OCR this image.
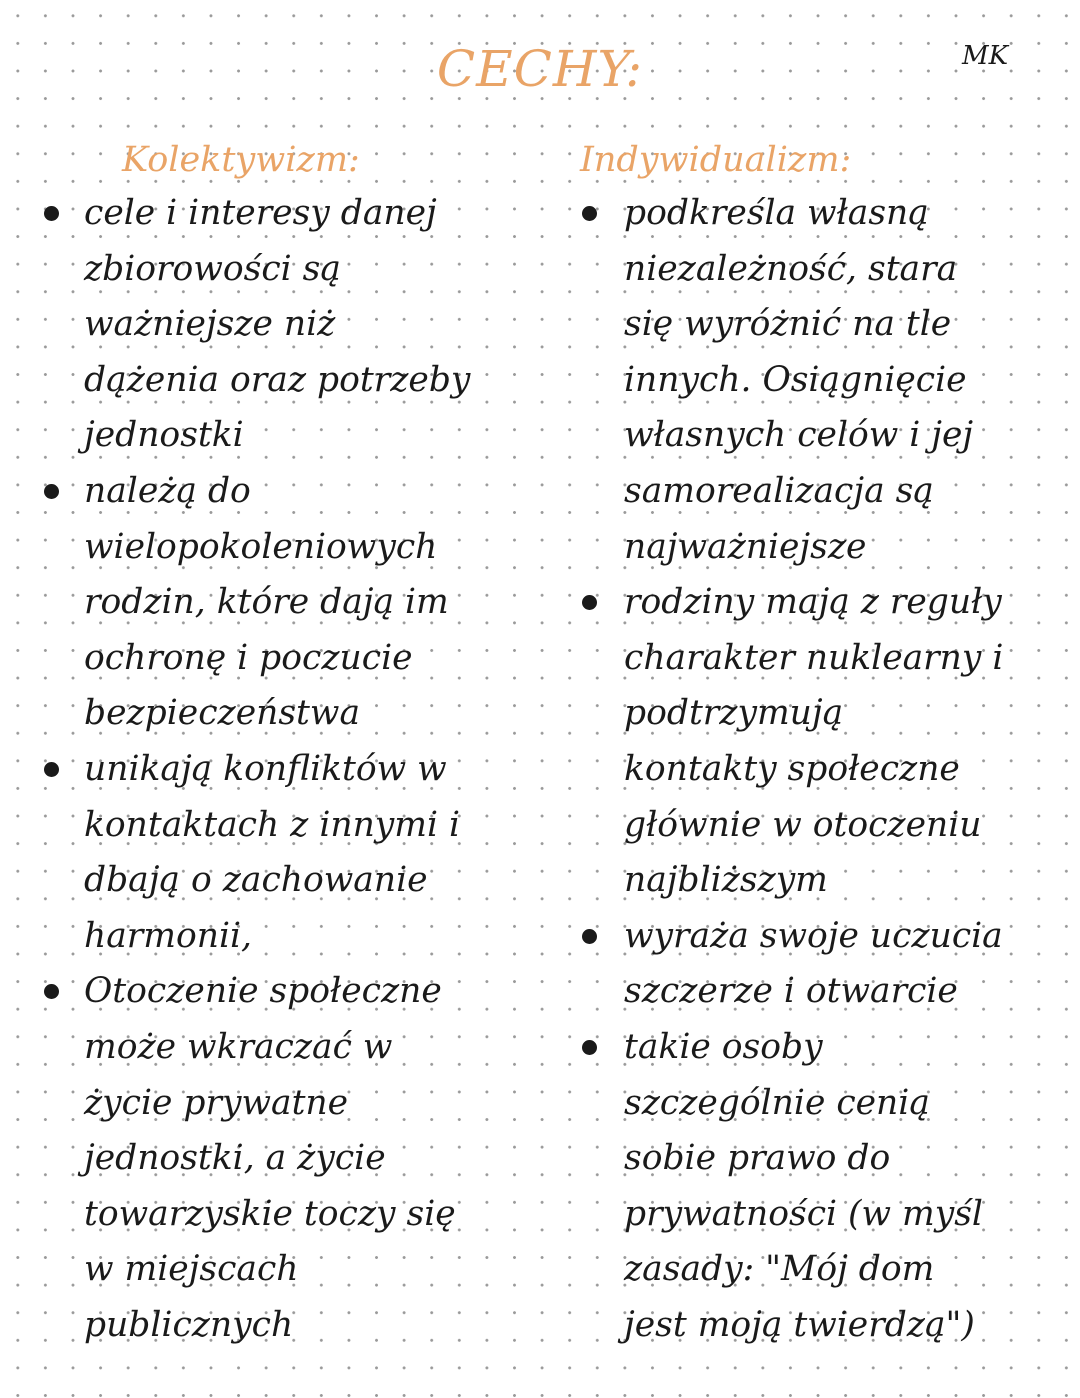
CECHY:	MK
Kolektywizm:
cele i interesy danej
zbiorowości są
ważniejsze niż
dążenia oraz potrzeby
jednostki
należą do
wielopokoleniowych
rodzin, które dają im
ochronę i poczucie
bezpieczeństwa
unikają konfliktów w
kontaktach z innymi i
dbają o zachowanie
harmonii,
Otoczenie społeczne
może wkraczać w
życie prywatne
jednostki, a życie
towarzyskie toczy się
w miejscach
publicznych
Indywidualizm:
podkreśla własną
niezależność, stara
się wyróżnić na tle
innych. Osiągnięcie
własnych celów i jej
samorealizacja są
najważniejsze
rodziny mają z reguły
charakter nuklearny i
podtrzymują
kontakty społeczne
głównie w otoczeniu
najbliższym
wyraża swoje uczucia
szczerze i otwarcie
takie osoby
szczególnie cenią
sobie prawo do
prywatności (w myśl
zasady: "Mój dom
jest moją twierdzą")
